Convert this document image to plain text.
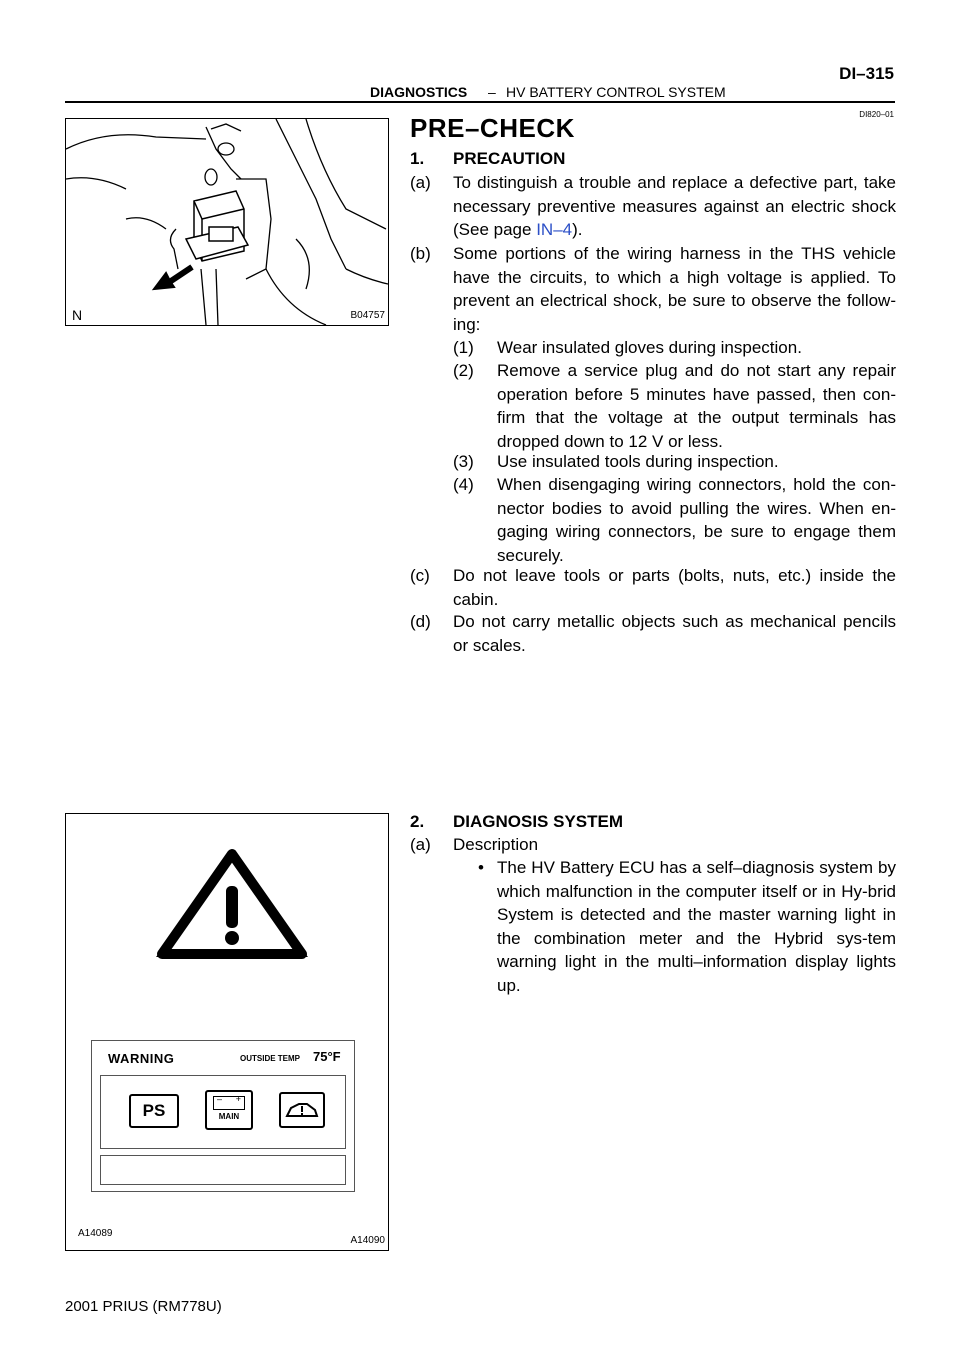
DI–315
DIAGNOSTICS – HV BATTERY CONTROL SYSTEM
DI820–01
N	B04757
WARNING	OUTSIDE TEMP 75°F
PS
– +
MAIN
A14089
A14090
PRE–CHECK
1. PRECAUTION
(a) To distinguish a trouble and replace a defective part, take necessary preventive measures against an electric shock (See page IN–4).
(b) Some portions of the wiring harness in the THS vehicle have the circuits, to which a high voltage is applied. To prevent an electrical shock, be sure to observe the follow-ing:
(1) Wear insulated gloves during inspection.
(2) Remove a service plug and do not start any repair operation before 5 minutes have passed, then con-firm that the voltage at the output terminals has dropped down to 12 V or less.
(3) Use insulated tools during inspection.
(4) When disengaging wiring connectors, hold the con-nector bodies to avoid pulling the wires. When en-gaging wiring connectors, be sure to engage them securely.
(c) Do not leave tools or parts (bolts, nuts, etc.) inside the cabin.
(d) Do not carry metallic objects such as mechanical pencils or scales.
2. DIAGNOSIS SYSTEM
(a) Description
• The HV Battery ECU has a self–diagnosis system by which malfunction in the computer itself or in Hy-brid System is detected and the master warning light in the combination meter and the Hybrid sys-tem warning light in the multi–information display lights up.
2001 PRIUS (RM778U)
